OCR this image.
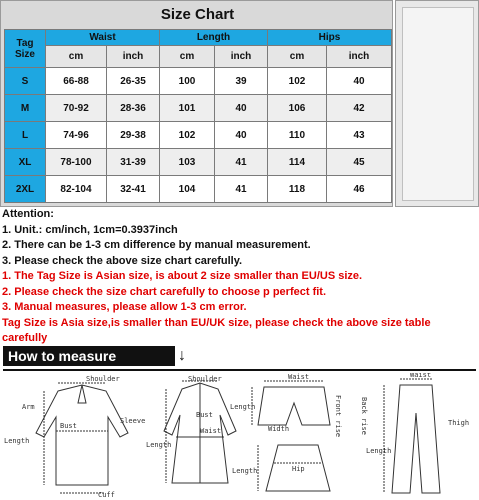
Size Chart
Tag
Size	Waist		Length		Hips	
	cm	inch	cm	inch	cm	inch
S	66-88	26-35	100	39	102	40
M	70-92	28-36	101	40	106	42
L	74-96	29-38	102	40	110	43
XL	78-100	31-39	103	41	114	45
2XL	82-104	32-41	104	41	118	46
Attention:
1. Unit.: cm/inch, 1cm=0.3937inch
2. There can be 1-3 cm difference by manual measurement.
3. Please check the above size chart carefully.
1. The Tag Size is Asian size, is about 2 size smaller than EU/US size.
2. Please check the size chart carefully to choose p perfect fit.
3. Manual measures, please allow 1-3 cm error.
Tag Size is Asia size,is smaller than EU/UK size, please check the above size table
carefully
How to measure	↓
Shoulder
Arm
Bust
Sleeve
Length
Cuff
Shoulder
Bust
Waist
Length
Waist
Length
Width	Front rise
Length	Hip
Waist
Back rise	Thigh
Length
